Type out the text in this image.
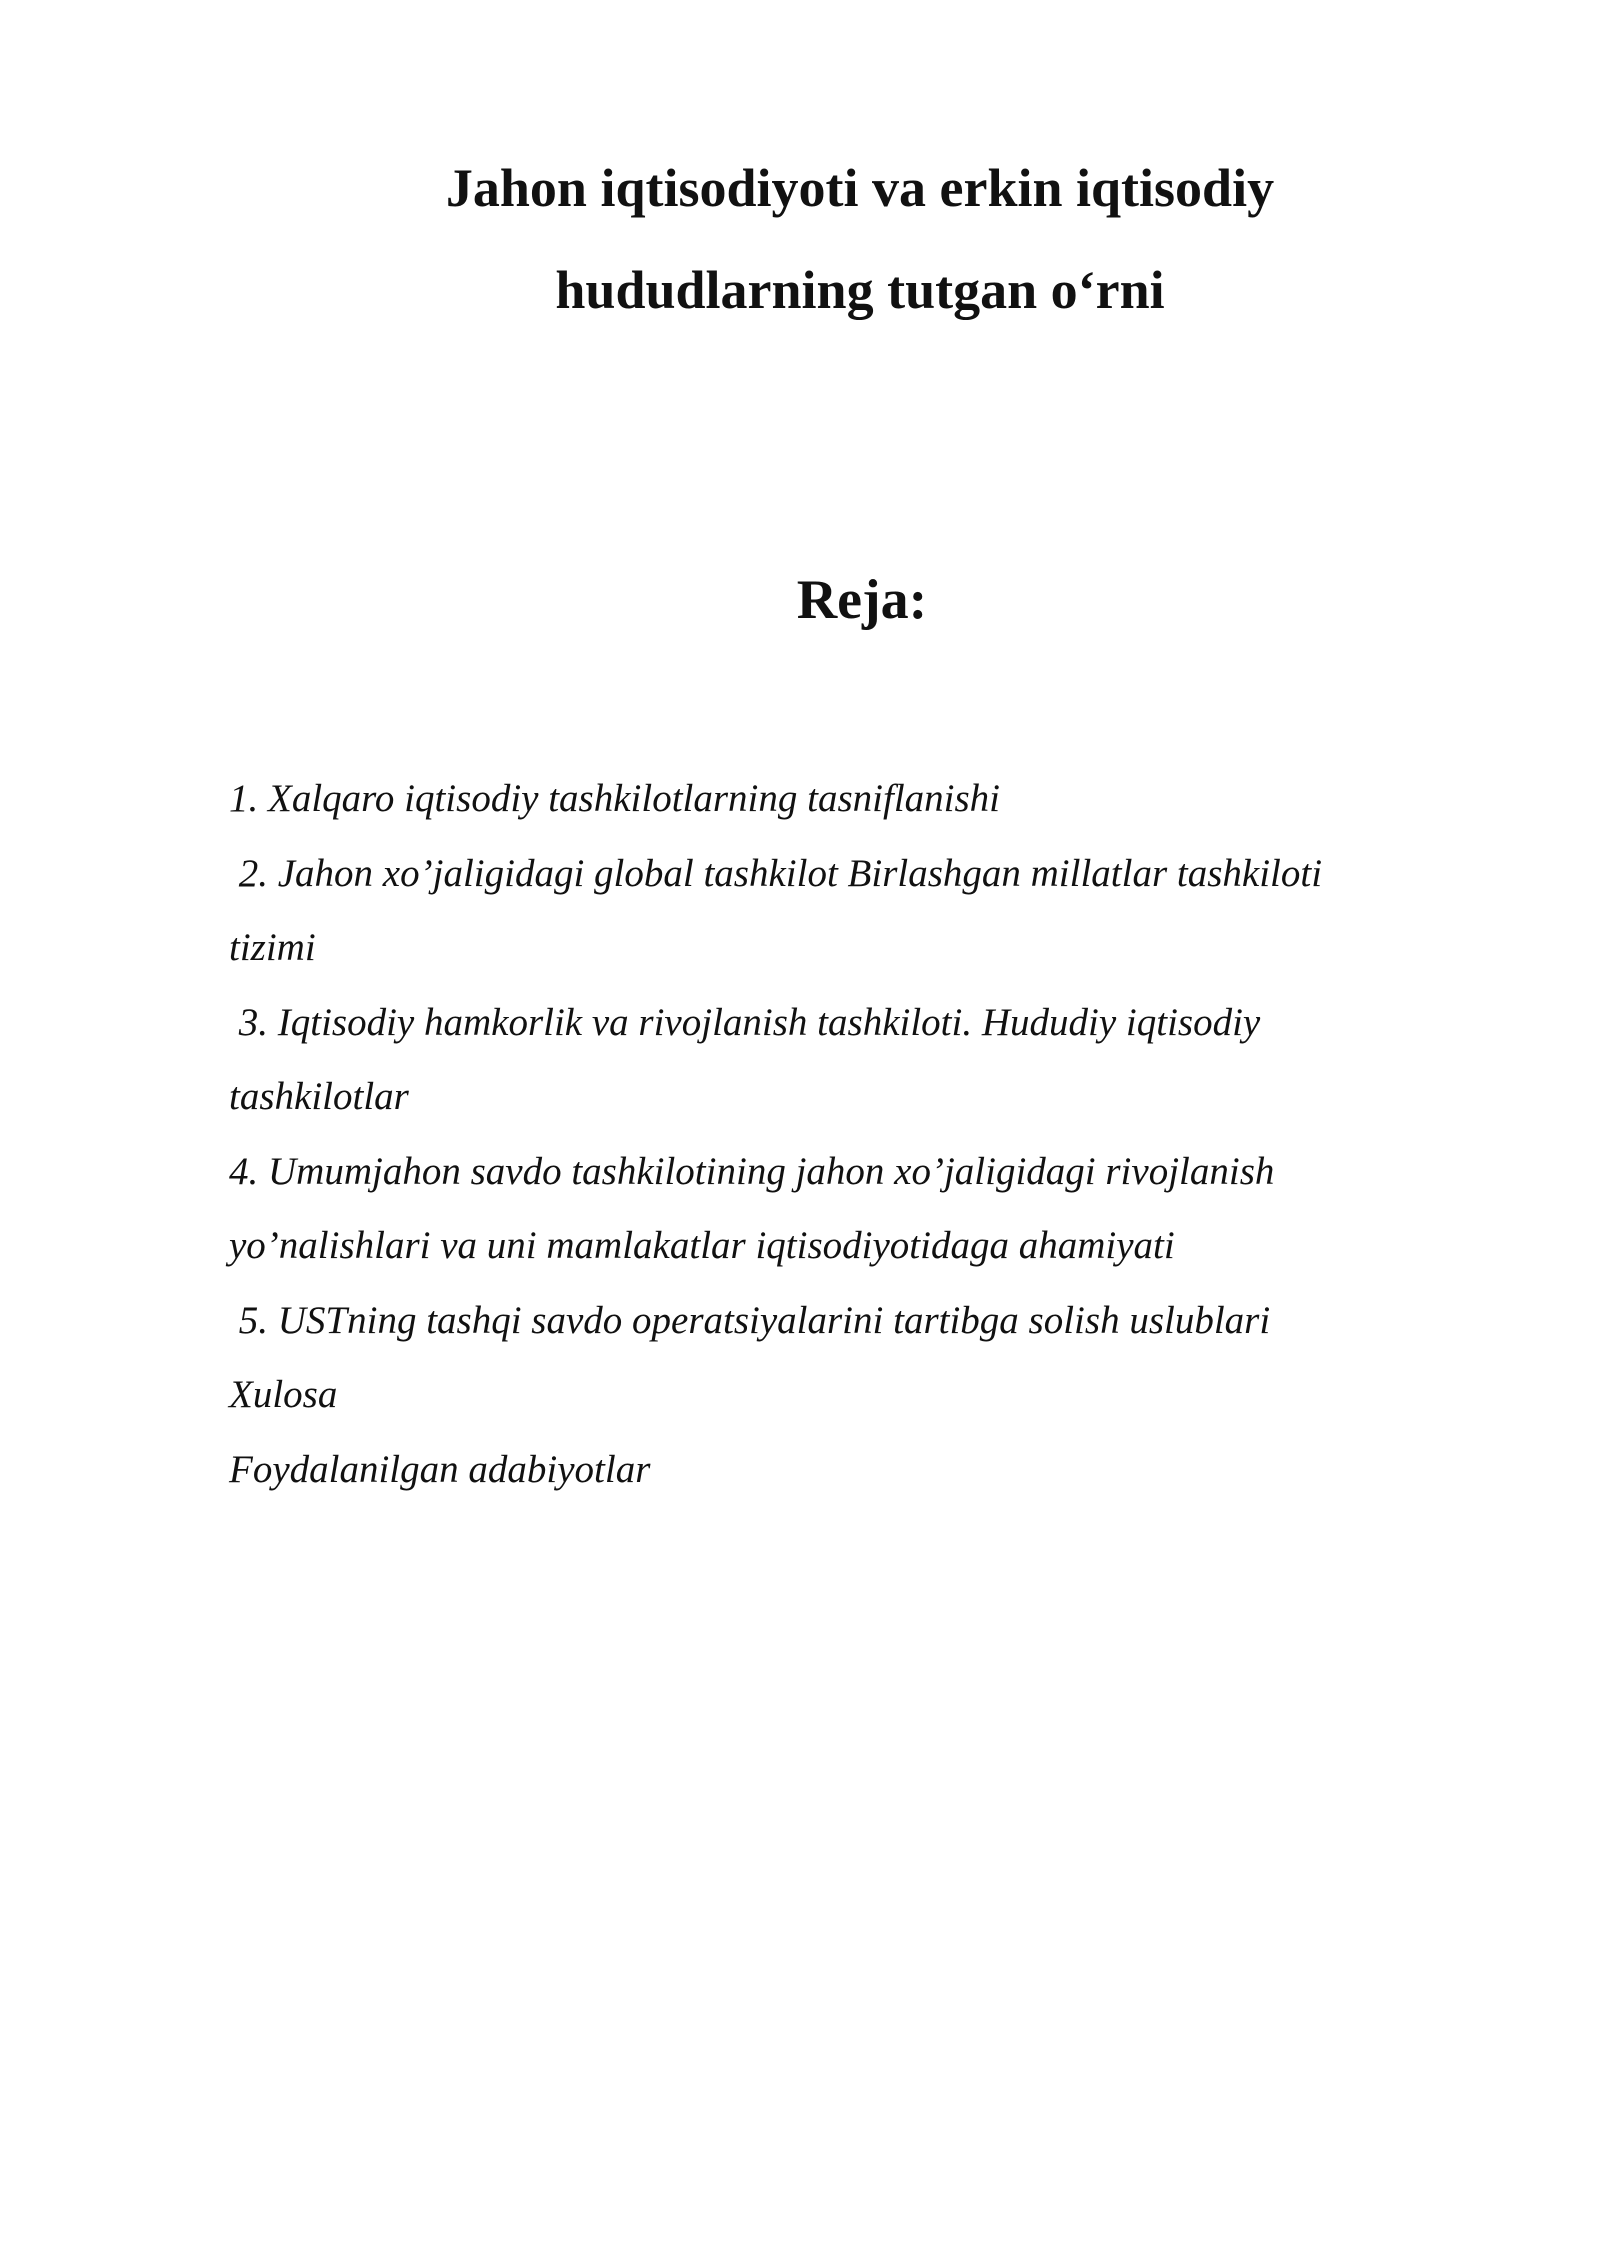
Jahon iqtisodiyoti va erkin iqtisodiy
hududlarning tutgan o‘rni
Reja:
1. Xalqaro iqtisodiy tashkilotlarning tasniflanishi
2. Jahon xo’jaligidagi global tashkilot Birlashgan millatlar tashkiloti
tizimi
3. Iqtisodiy hamkorlik va rivojlanish tashkiloti. Hududiy iqtisodiy
tashkilotlar
4. Umumjahon savdo tashkilotining jahon xo’jaligidagi rivojlanish
yo’nalishlari va uni mamlakatlar iqtisodiyotidaga ahamiyati
5. USTning tashqi savdo operatsiyalarini tartibga solish uslublari
Xulosa
Foydalanilgan adabiyotlar
